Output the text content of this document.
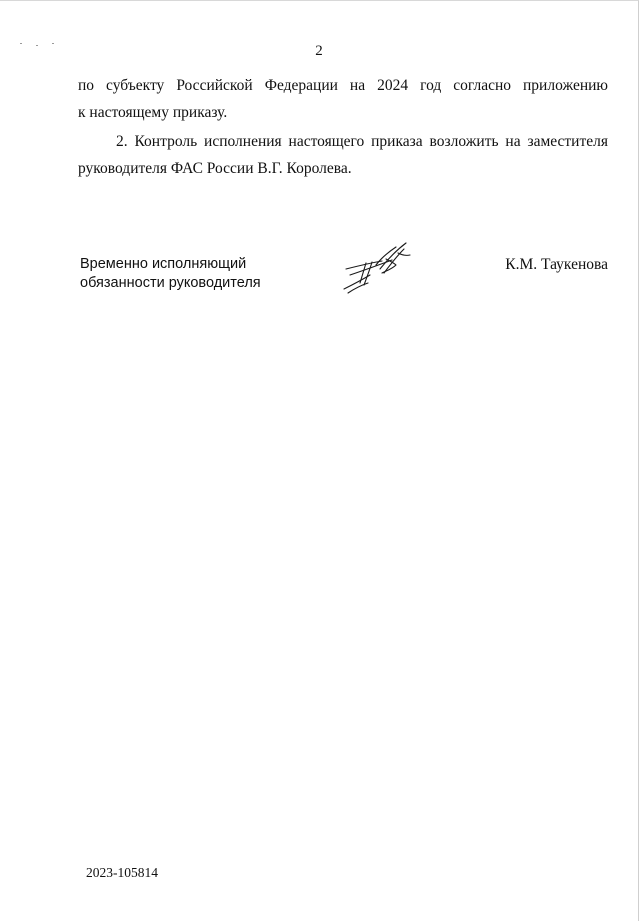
2
по субъекту Российской Федерации на 2024 год согласно приложению
к настоящему приказу.
2. Контроль исполнения настоящего приказа возложить на заместителя
руководителя ФАС России В.Г. Королева.
Временно исполняющий
обязанности руководителя
К.М. Таукенова
2023-105814
